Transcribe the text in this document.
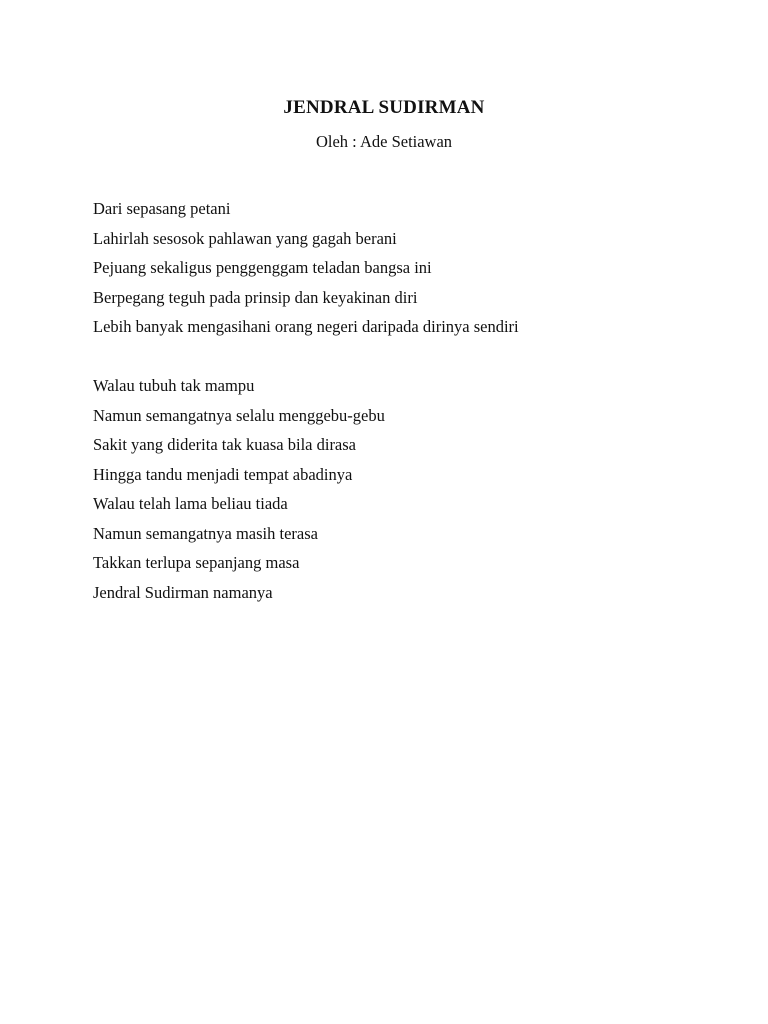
JENDRAL SUDIRMAN
Oleh : Ade Setiawan
Dari sepasang petani
Lahirlah sesosok pahlawan yang gagah berani
Pejuang sekaligus penggenggam teladan bangsa ini
Berpegang teguh pada prinsip dan keyakinan diri
Lebih banyak mengasihani orang negeri daripada dirinya sendiri
Walau tubuh tak mampu
Namun semangatnya selalu menggebu-gebu
Sakit yang diderita tak kuasa bila dirasa
Hingga tandu menjadi tempat abadinya
Walau telah lama beliau tiada
Namun semangatnya masih terasa
Takkan terlupa sepanjang masa
Jendral Sudirman namanya
